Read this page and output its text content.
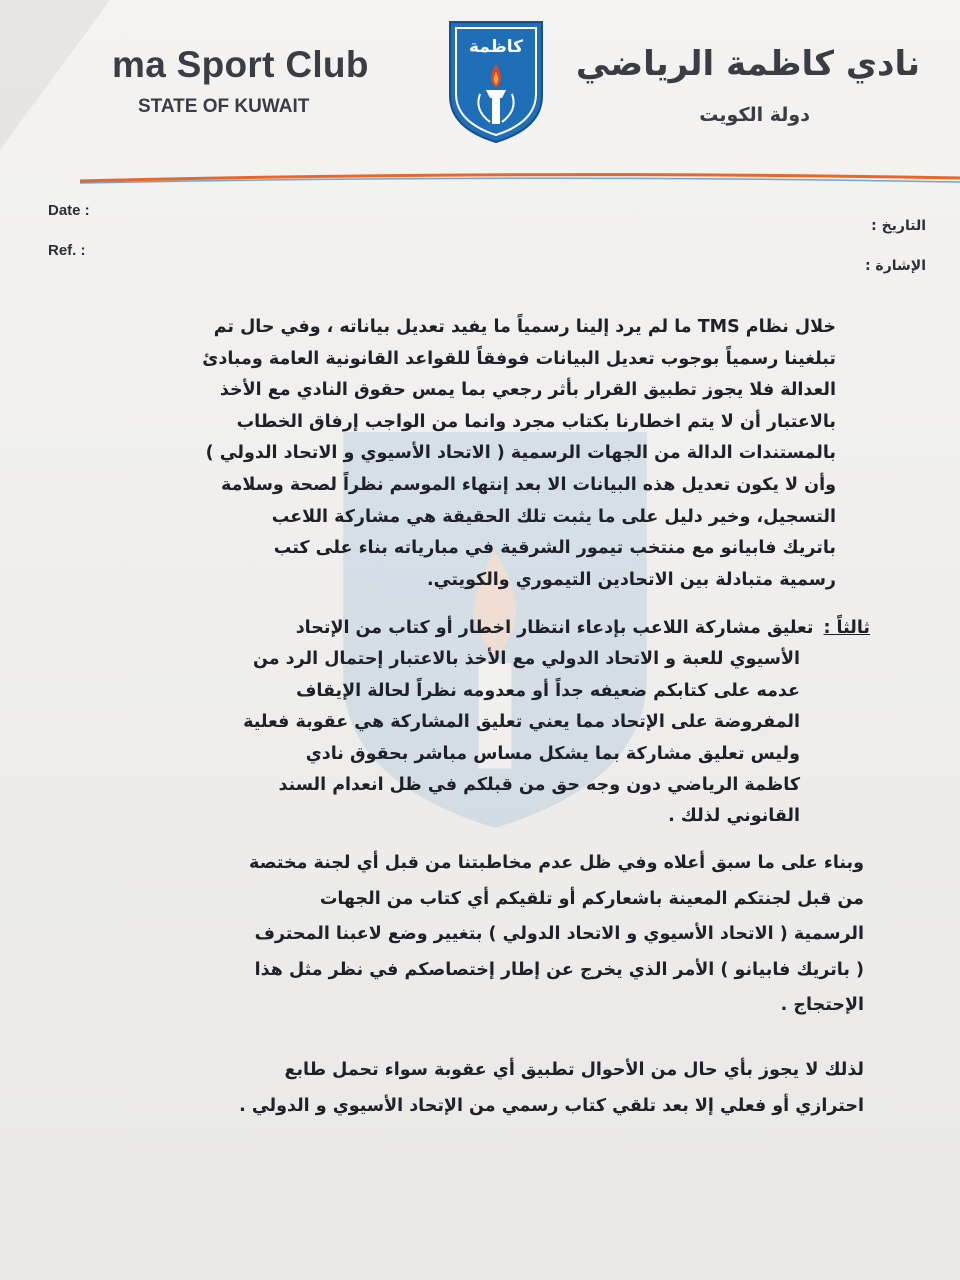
ma Sport Club
STATE OF KUWAIT
كاظمة	نادي كاظمة الرياضي
دولة الكويت
Date :
Ref. :
التاريخ :
الإشارة :
خلال نظام TMS ما لم يرد إلينا رسمياً ما يفيد تعديل بياناته ، وفي حال تم
تبلغينا رسمياً بوجوب تعديل البيانات فوفقاً للقواعد القانونية العامة ومبادئ
العدالة فلا يجوز تطبيق القرار بأثر رجعي بما يمس حقوق النادي مع الأخذ
بالاعتبار أن لا يتم اخطارنا بكتاب مجرد وانما من الواجب إرفاق الخطاب
بالمستندات الدالة من الجهات الرسمية ( الاتحاد الأسيوي و الاتحاد الدولي )
وأن لا يكون تعديل هذه البيانات الا بعد إنتهاء الموسم نظراً لصحة وسلامة
التسجيل، وخير دليل على ما يثبت تلك الحقيقة هي مشاركة اللاعب
باتريك فابيانو مع منتخب تيمور الشرقية في مبارياته بناء على كتب
رسمية متبادلة بين الاتحادين التيموري والكويتي.
ثالثاً :تعليق مشاركة اللاعب بإدعاء انتظار اخطار أو كتاب من الإتحاد
الأسيوي للعبة و الاتحاد الدولي مع الأخذ بالاعتبار إحتمال الرد من
عدمه على كتابكم ضعيفه جداً أو معدومه نظراً لحالة الإيقاف
المفروضة على الإتحاد مما يعني تعليق المشاركة هي عقوبة فعلية
وليس تعليق مشاركة بما يشكل مساس مباشر بحقوق نادي
كاظمة الرياضي دون وجه حق من قبلكم في ظل انعدام السند
القانوني لذلك .
وبناء على ما سبق أعلاه وفي ظل عدم مخاطبتنا من قبل أي لجنة مختصة
من قبل لجنتكم المعينة باشعاركم أو تلقيكم أي كتاب من الجهات
الرسمية ( الاتحاد الأسيوي و الاتحاد الدولي ) بتغيير وضع لاعبنا المحترف
( باتريك فابيانو ) الأمر الذي يخرج عن إطار إختصاصكم في نظر مثل هذا
الإحتجاج .
لذلك لا يجوز بأي حال من الأحوال تطبيق أي عقوبة سواء تحمل طابع
احترازي أو فعلي إلا بعد تلقي كتاب رسمي من الإتحاد الأسيوي و الدولي .
